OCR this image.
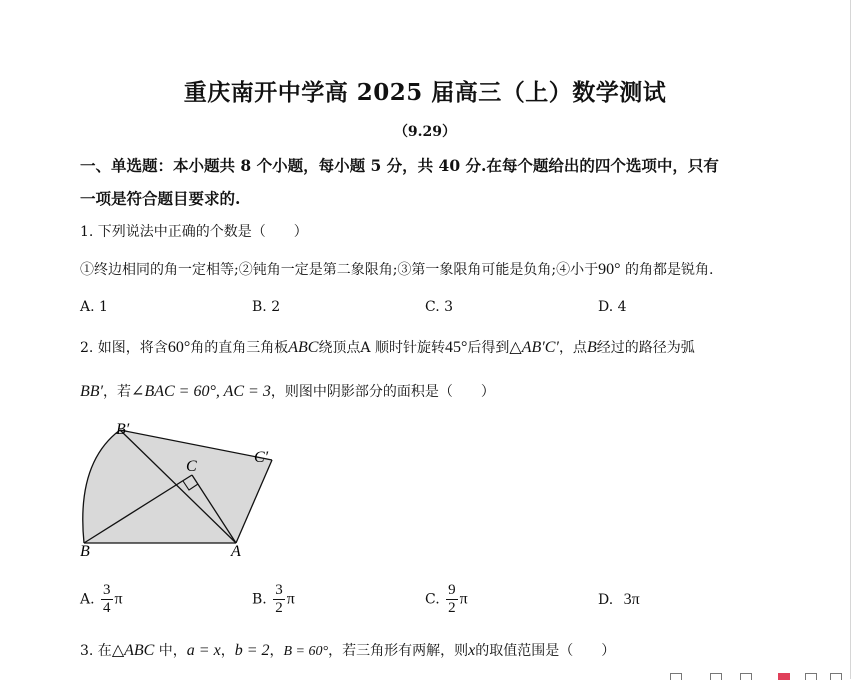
重庆南开中学高 2025 届高三（上）数学测试
（9.29）
一、单选题：本小题共 8 个小题，每小题 5 分，共 40 分.在每个题给出的四个选项中，只有
一项是符合题目要求的.
1. 下列说法中正确的个数是（　　）
①终边相同的角一定相等;②钝角一定是第二象限角;③第一象限角可能是负角;④小于90° 的角都是锐角.
A. 1	B. 2	C. 3	D. 4
2. 如图，将含60°角的直角三角板ABC绕顶点A 顺时针旋转45°后得到△AB′C′，点B经过的路径为弧
BB′，若∠BAC = 60°, AC = 3，则图中阴影部分的面积是（　　）
B′
C′
C
B	A
A. $\frac{3}{4}$ π	B. $\frac{3}{2}$ π	C. $\frac{9}{2}$ π	D. 3π
3. 在△ABC 中，a = x，b = 2，B = 60°，若三角形有两解，则x的取值范围是（　　）
